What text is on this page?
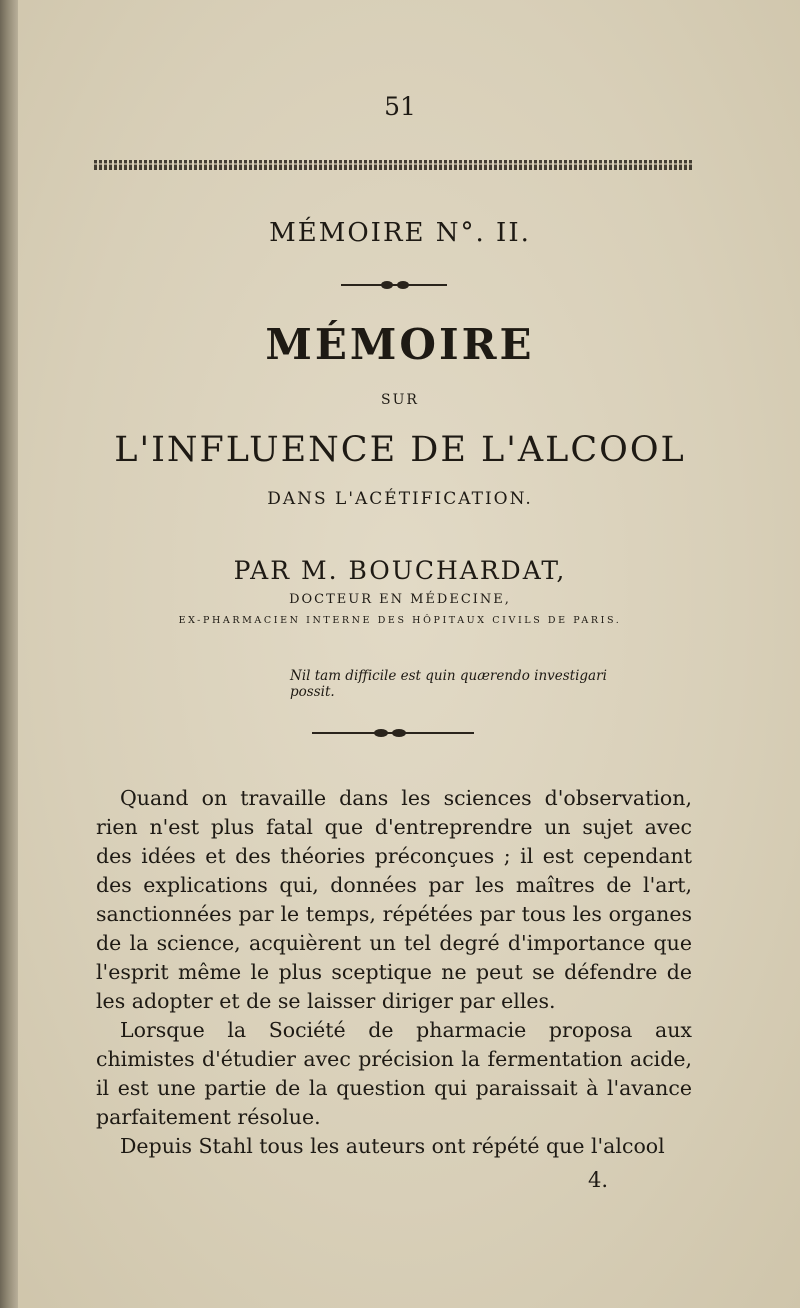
51
MÉMOIRE N°. II.
MÉMOIRE
SUR
L'INFLUENCE DE L'ALCOOL
DANS L'ACÉTIFICATION.
PAR M. BOUCHARDAT,
DOCTEUR EN MÉDECINE,
EX-PHARMACIEN INTERNE DES HÔPITAUX CIVILS DE PARIS.
Nil tam difficile est quin quærendo investigari possit.

Quand on travaille dans les sciences d'observation, rien n'est plus fatal que d'entreprendre un sujet avec des idées et des théories préconçues ; il est cependant des explications qui, données par les maîtres de l'art, sanctionnées par le temps, répétées par tous les organes de la science, acquièrent un tel degré d'importance que l'esprit même le plus sceptique ne peut se défendre de les adopter et de se laisser diriger par elles.

Lorsque la Société de pharmacie proposa aux chimistes d'étudier avec précision la fermentation acide, il est une partie de la question qui paraissait à l'avance parfaitement résolue.

Depuis Stahl tous les auteurs ont répété que l'alcool

4.
